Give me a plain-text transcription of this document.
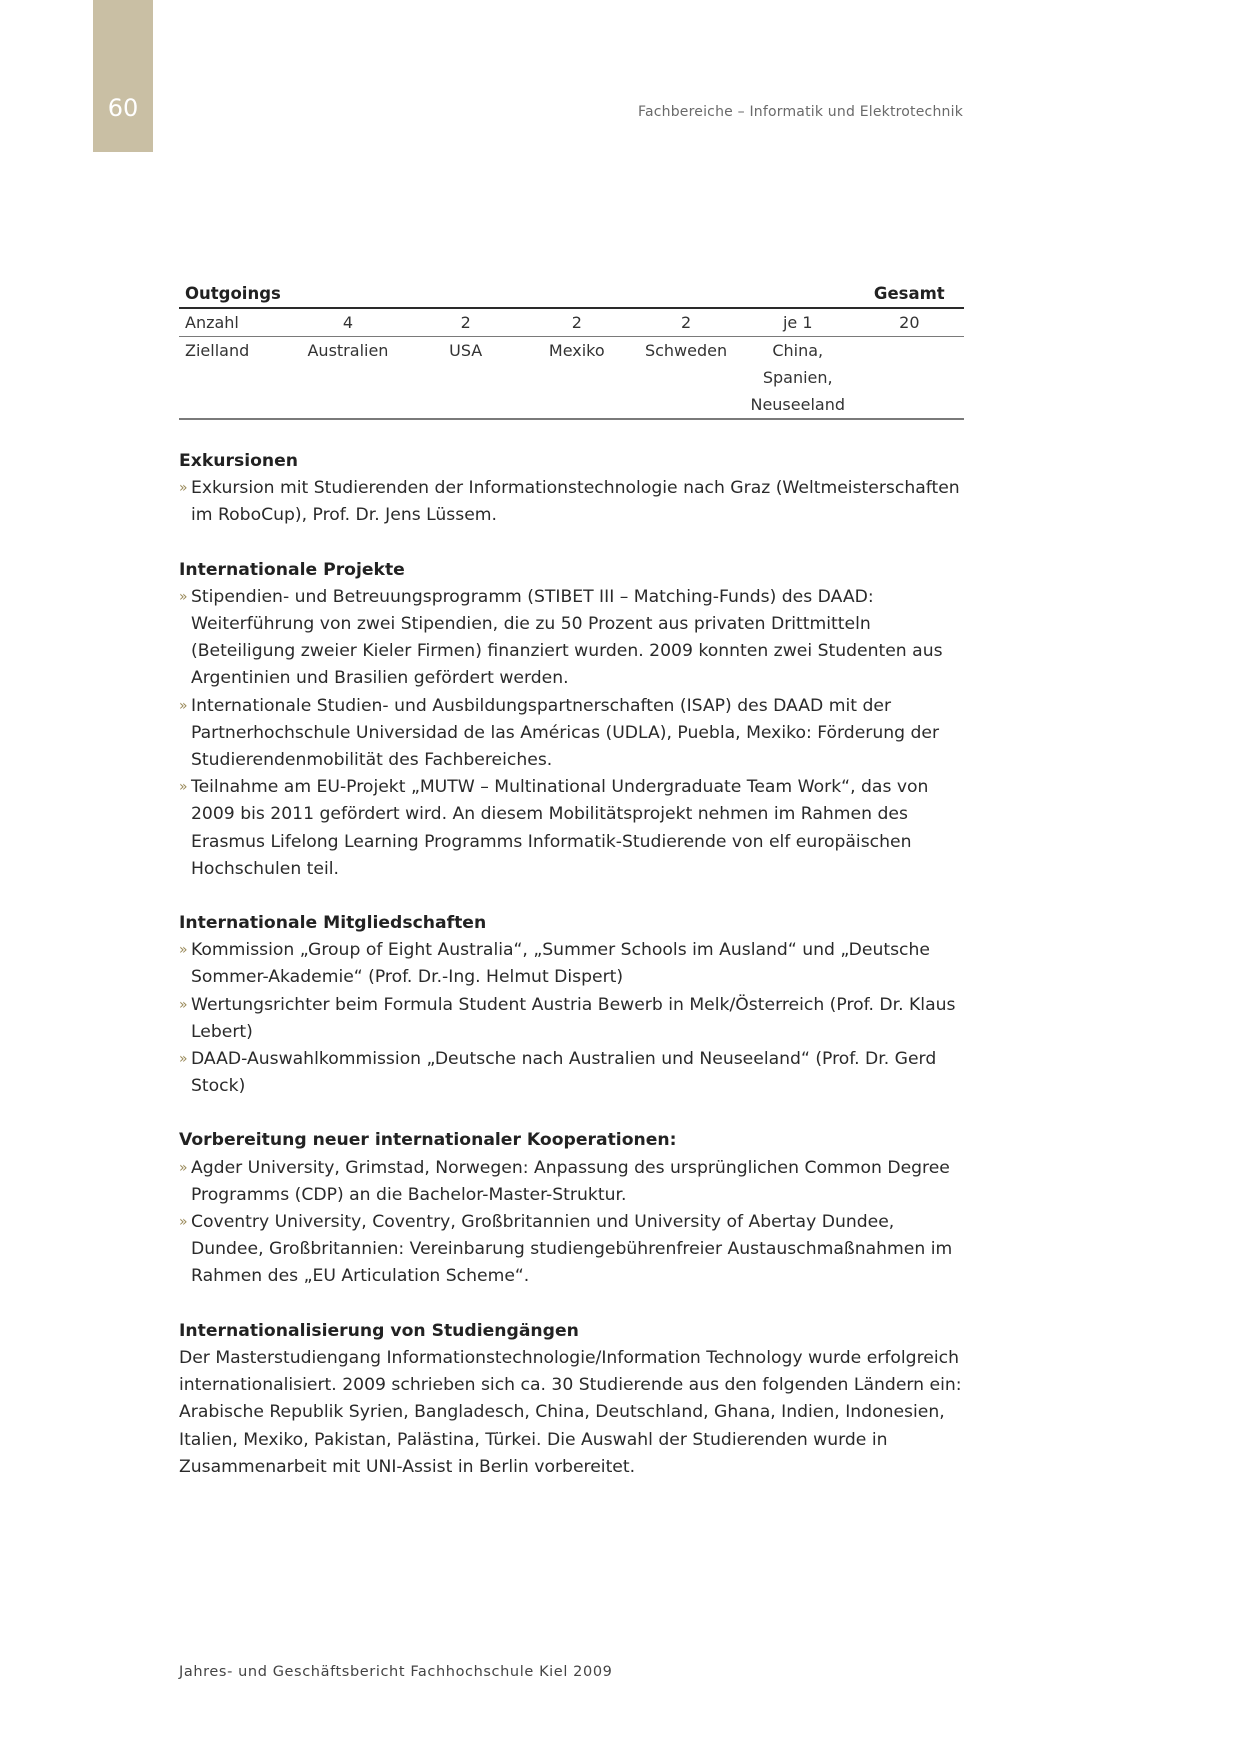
60	Fachbereiche – Informatik und Elektrotechnik
Outgoings						Gesamt
Anzahl	4	2	2	2	je 1	20
Zielland	Australien	USA	Mexiko	Schweden	China,
Spanien,
Neuseeland	
Exkursionen
» Exkursion mit Studierenden der Informationstechnologie nach Graz (Weltmeisterschaften im RoboCup), Prof. Dr. Jens Lüssem.
Internationale Projekte
» Stipendien- und Betreuungsprogramm (STIBET III – Matching-Funds) des DAAD: Weiterführung von zwei Stipendien, die zu 50 Prozent aus privaten Drittmitteln (Beteiligung zweier Kieler Firmen) finanziert wurden. 2009 konnten zwei Studenten aus Argentinien und Brasilien gefördert werden.
» Internationale Studien- und Ausbildungspartnerschaften (ISAP) des DAAD mit der Partnerhochschule Universidad de las Américas (UDLA), Puebla, Mexiko: Förderung der Studierendenmobilität des Fachbereiches.
» Teilnahme am EU-Projekt „MUTW – Multinational Undergraduate Team Work“, das von 2009 bis 2011 gefördert wird. An diesem Mobilitätsprojekt nehmen im Rahmen des Erasmus Lifelong Learning Programms Informatik-Studierende von elf europäischen Hochschulen teil.
Internationale Mitgliedschaften
» Kommission „Group of Eight Australia“, „Summer Schools im Ausland“ und „Deutsche Sommer-Akademie“ (Prof. Dr.-Ing. Helmut Dispert)
» Wertungsrichter beim Formula Student Austria Bewerb in Melk/Österreich (Prof. Dr. Klaus Lebert)
» DAAD-Auswahlkommission „Deutsche nach Australien und Neuseeland“ (Prof. Dr. Gerd Stock)
Vorbereitung neuer internationaler Kooperationen:
» Agder University, Grimstad, Norwegen: Anpassung des ursprünglichen Common Degree Programms (CDP) an die Bachelor-Master-Struktur.
» Coventry University, Coventry, Großbritannien und University of Abertay Dundee, Dundee, Großbritannien: Vereinbarung studiengebührenfreier Austauschmaßnahmen im Rahmen des „EU Articulation Scheme“.
Internationalisierung von Studiengängen

Der Masterstudiengang Informationstechnologie/Information Technology wurde erfolgreich internationalisiert. 2009 schrieben sich ca. 30 Studierende aus den folgenden Ländern ein: Arabische Republik Syrien, Bangladesch, China, Deutschland, Ghana, Indien, Indonesien, Italien, Mexiko, Pakistan, Palästina, Türkei. Die Auswahl der Studierenden wurde in Zusammenarbeit mit UNI-Assist in Berlin vorbereitet.

Jahres- und Geschäftsbericht Fachhochschule Kiel 2009
